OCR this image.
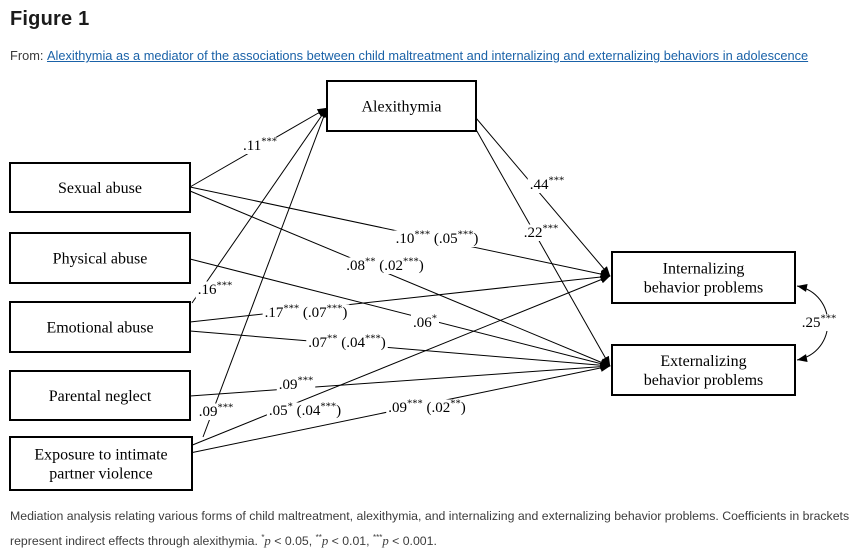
Figure 1
From: Alexithymia as a mediator of the associations between child maltreatment and internalizing and externalizing behaviors in adolescence
Sexual abuse
Physical abuse
Emotional abuse
Parental neglect
Exposure to intimate
partner violence
Alexithymia
Internalizing
behavior problems
Externalizing
behavior problems
.11***
.16***
.09***
.44***
.22***
.10*** (.05***)
.08** (.02***)
.06*
.17*** (.07***)
.07** (.04***)
.09***
.05* (.04***)	.09*** (.02**)
.25***
Mediation analysis relating various forms of child maltreatment, alexithymia, and internalizing and externalizing behavior problems. Coefficients in brackets
represent indirect effects through alexithymia. *p < 0.05, **p < 0.01, ***p < 0.001.
